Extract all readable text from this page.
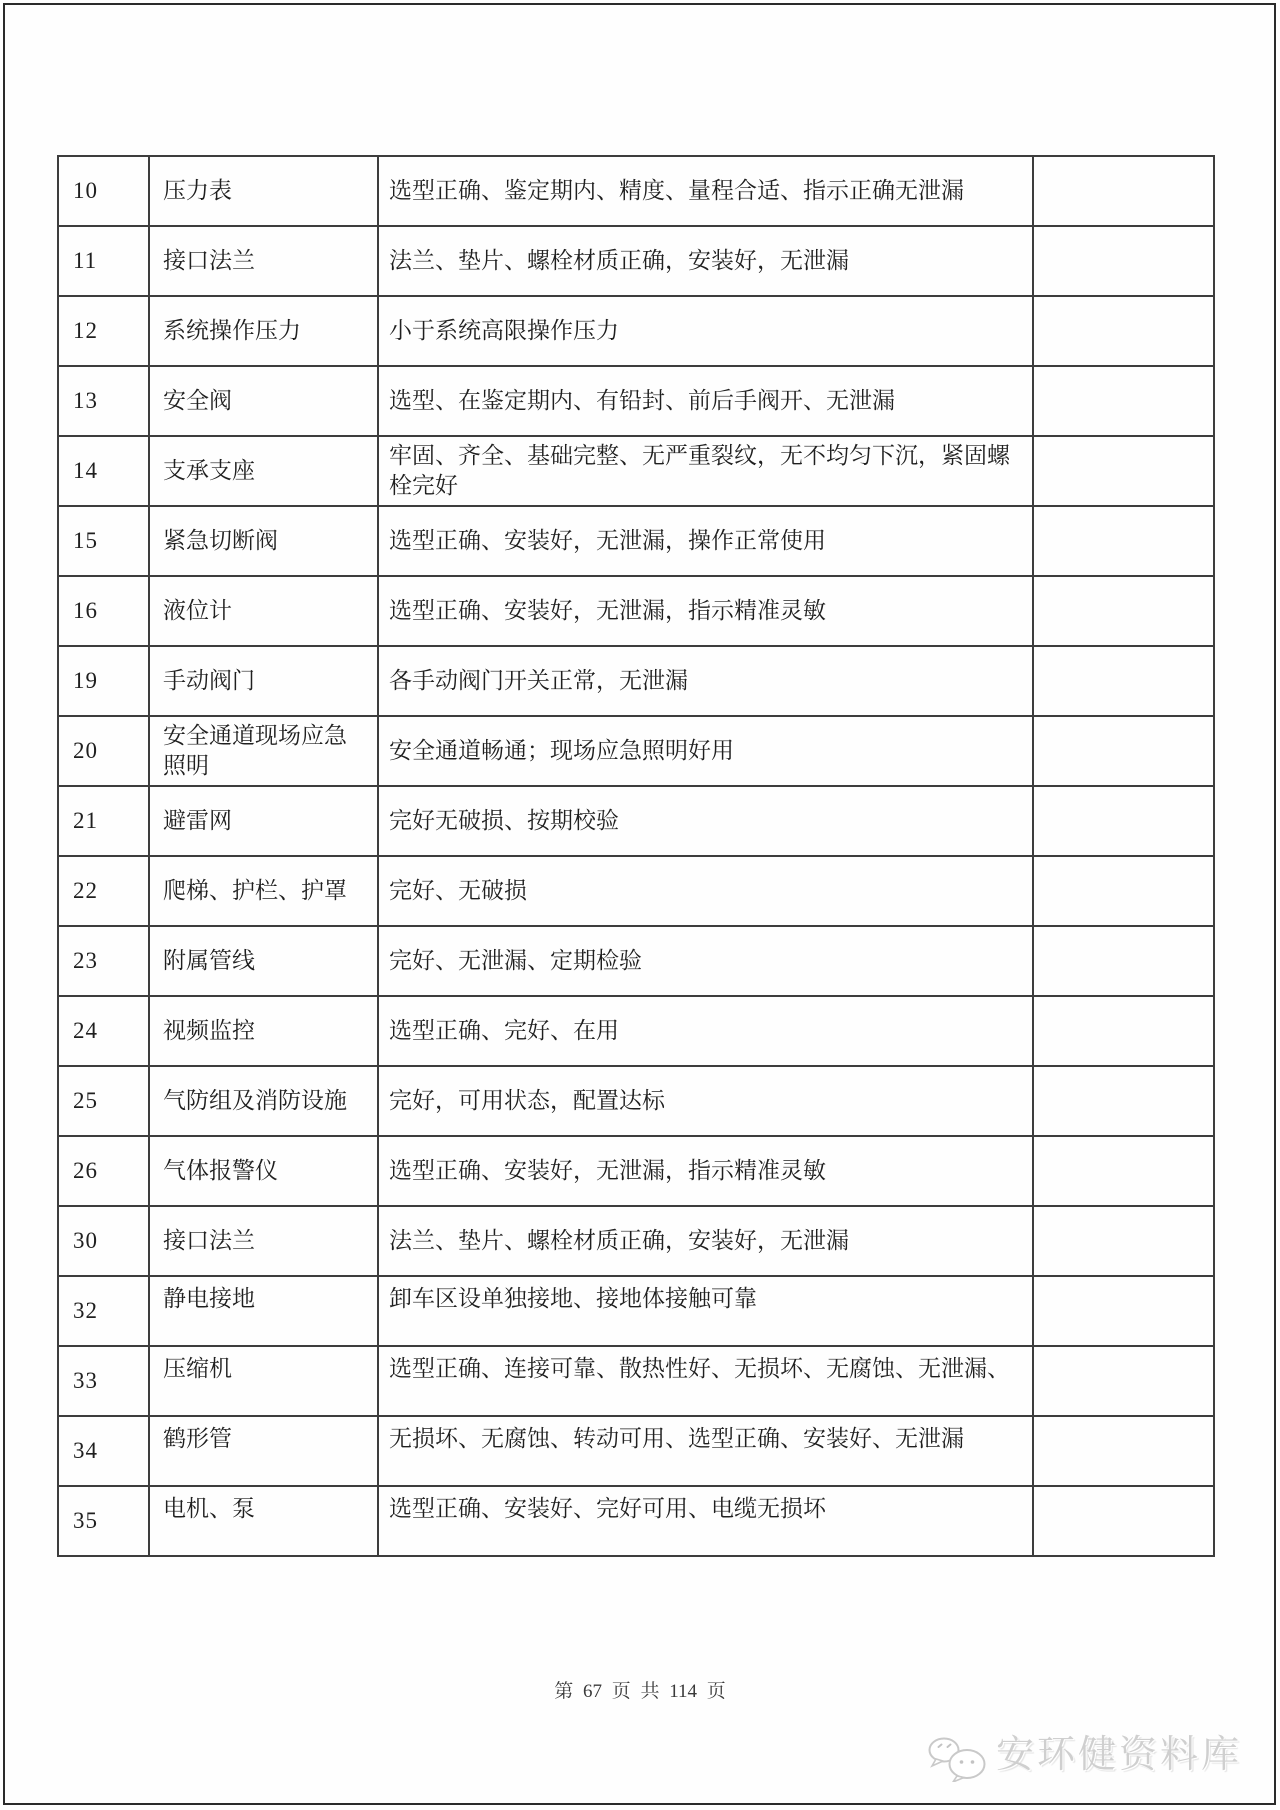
10	压力表	选型正确、鉴定期内、精度、量程合适、指示正确无泄漏	
11	接口法兰	法兰、垫片、螺栓材质正确，安装好，无泄漏	
12	系统操作压力	小于系统高限操作压力	
13	安全阀	选型、在鉴定期内、有铅封、前后手阀开、无泄漏	
14	支承支座	牢固、齐全、基础完整、无严重裂纹，无不均匀下沉，紧固螺栓完好	
15	紧急切断阀	选型正确、安装好，无泄漏，操作正常使用	
16	液位计	选型正确、安装好，无泄漏，指示精准灵敏	
19	手动阀门	各手动阀门开关正常，无泄漏	
20	安全通道现场应急照明	安全通道畅通；现场应急照明好用	
21	避雷网	完好无破损、按期校验	
22	爬梯、护栏、护罩	完好、无破损	
23	附属管线	完好、无泄漏、定期检验	
24	视频监控	选型正确、完好、在用	
25	气防组及消防设施	完好，可用状态，配置达标	
26	气体报警仪	选型正确、安装好，无泄漏，指示精准灵敏	
30	接口法兰	法兰、垫片、螺栓材质正确，安装好，无泄漏	
32	静电接地	卸车区设单独接地、接地体接触可靠	
33	压缩机	选型正确、连接可靠、散热性好、无损坏、无腐蚀、无泄漏、	
34	鹤形管	无损坏、无腐蚀、转动可用、选型正确、安装好、无泄漏	
35	电机、泵	选型正确、安装好、完好可用、电缆无损坏	
第 67 页 共 114 页
安环健资料库
